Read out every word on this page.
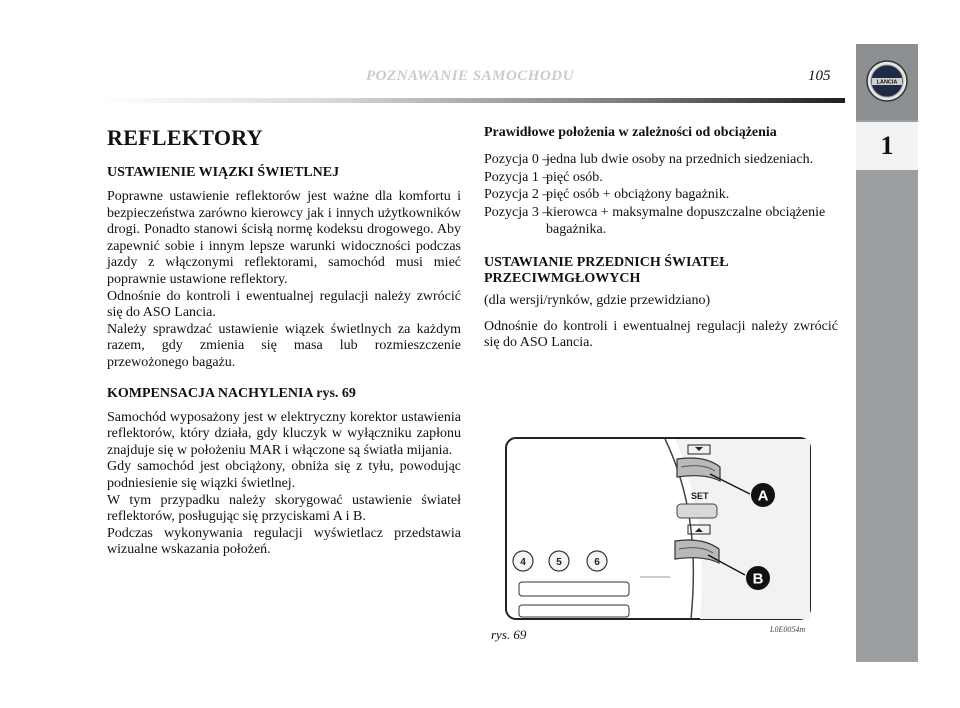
POZNAWANIE SAMOCHODU	105	LANCIA
1
REFLEKTORY
USTAWIENIE WIĄZKI ŚWIETLNEJ

Poprawne ustawienie reflektorów jest ważne dla komfortu i bezpieczeństwa zarówno kierowcy jak i innych użytkowników drogi. Ponadto stanowi ścisłą normę kodeksu drogowego. Aby zapewnić sobie i innym lepsze warunki widoczności podczas jazdy z włączonymi reflektorami, samochód musi mieć poprawnie ustawione reflektory.

Odnośnie do kontroli i ewentualnej regulacji należy zwrócić się do ASO Lancia.

Należy sprawdzać ustawienie wiązek świetlnych za każdym razem, gdy zmienia się masa lub rozmieszczenie przewożonego bagażu.

KOMPENSACJA NACHYLENIA rys. 69

Samochód wyposażony jest w elektryczny korektor ustawienia reflektorów, który działa, gdy kluczyk w wyłączniku zapłonu znajduje się w położeniu MAR i włączone są światła mijania.

Gdy samochód jest obciążony, obniża się z tyłu, powodując podniesienie się wiązki świetlnej.

W tym przypadku należy skorygować ustawienie świateł reflektorów, posługując się przyciskami A i B.

Podczas wykonywania regulacji wyświetlacz przedstawia wizualne wskazania położeń.

Prawidłowe położenia w zależności od obciążenia
Pozycja 0 –
jedna lub dwie osoby na przednich siedzeniach.
Pozycja 1 –
pięć osób.
Pozycja 2 –
pięć osób + obciążony bagażnik.
Pozycja 3 –
kierowca + maksymalne dopuszczalne obciążenie bagażnika.
USTAWIANIE PRZEDNICH ŚWIATEŁ PRZECIWMGŁOWYCH
(dla wersji/rynków, gdzie przewidziano)

Odnośnie do kontroli i ewentualnej regulacji należy zwrócić się do ASO Lancia.

SET	A
B
4	5	6
rys. 69	L0E0054m
